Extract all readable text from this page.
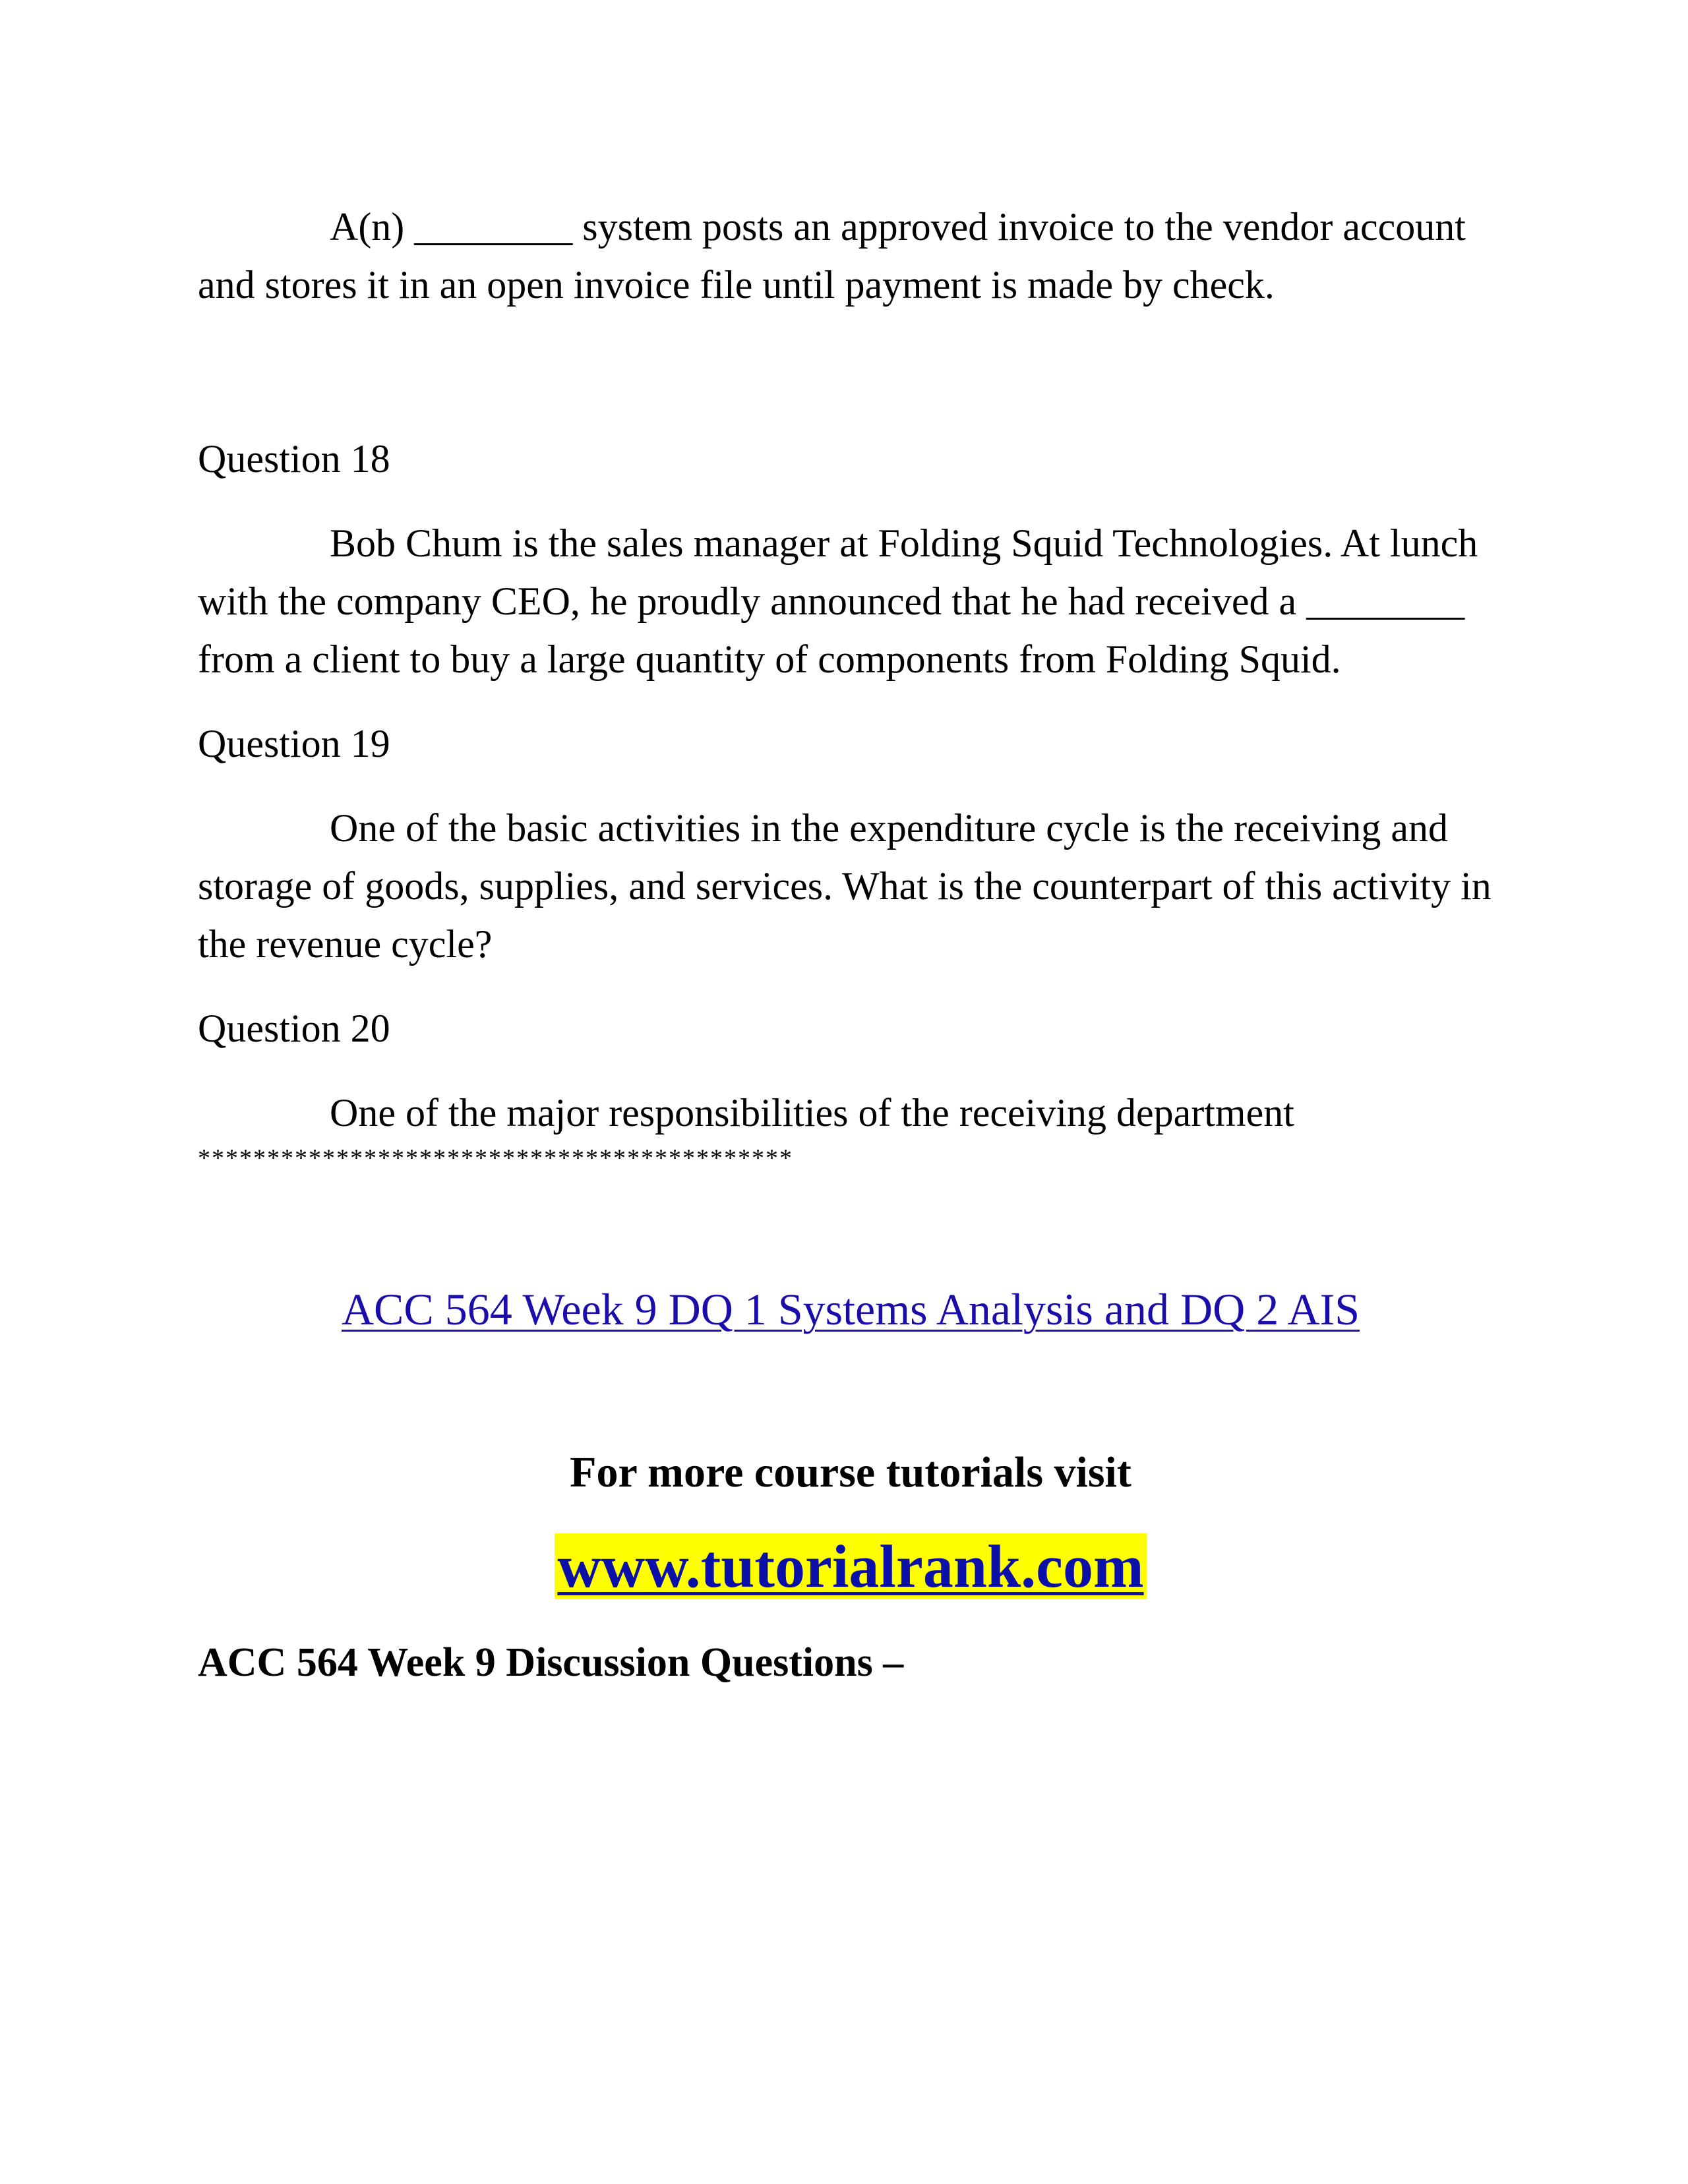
A(n) ________ system posts an approved invoice to the vendor account and stores it in an open invoice file until payment is made by check.

Question 18

Bob Chum is the sales manager at Folding Squid Technologies. At lunch with the company CEO, he proudly announced that he had received a ________ from a client to buy a large quantity of components from Folding Squid.

Question 19

One of the basic activities in the expenditure cycle is the receiving and storage of goods, supplies, and services. What is the counterpart of this activity in the revenue cycle?

Question 20

One of the major responsibilities of the receiving department

*******************************************

ACC 564 Week 9 DQ 1 Systems Analysis and DQ 2 AIS
For more course tutorials visit
www.tutorialrank.com

ACC 564 Week 9 Discussion Questions –
